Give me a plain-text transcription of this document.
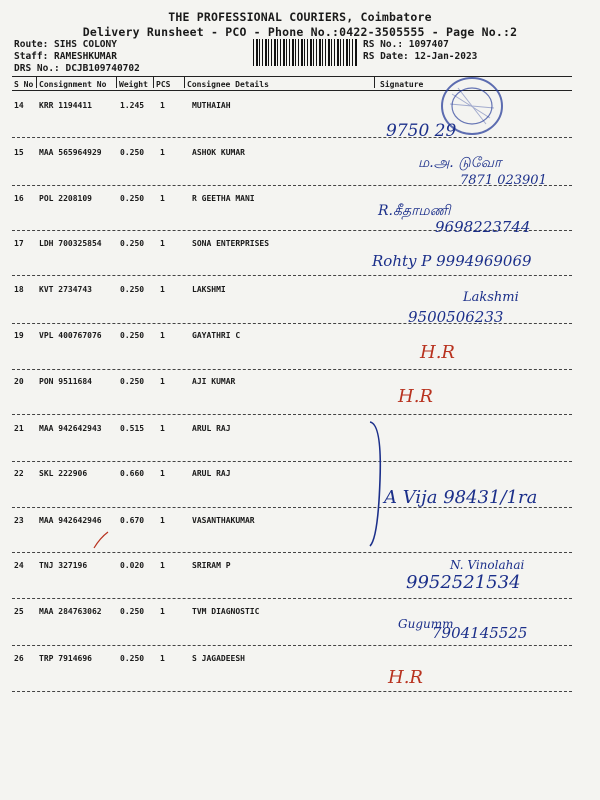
THE PROFESSIONAL COURIERS, Coimbatore
Delivery Runsheet - PCO - Phone No.:0422-3505555 - Page No.:2
Route: SIHS COLONY
Staff: RAMESHKUMAR
DRS No.: DCJB109740702
RS No.: 1097407
RS Date: 12-Jan-2023
S No Consignment No Weight PCS Consignee Details	Signature
14 KRR 1194411	1.245 1	MUTHAIAH
15 MAA 565964929 0.250 1	ASHOK KUMAR
16 POL 2208109	0.250 1	R GEETHA MANI
17 LDH 700325854 0.250 1	SONA ENTERPRISES
18 KVT 2734743	0.250 1	LAKSHMI
19 VPL 400767076 0.250 1	GAYATHRI C
20 PON 9511684	0.250 1	AJI KUMAR
21 MAA 942642943 0.515 1	ARUL RAJ
22 SKL 222906	0.660 1	ARUL RAJ
23 MAA 942642946 0.670 1	VASANTHAKUMAR
24 TNJ 327196	0.020 1	SRIRAM P
25 MAA 284763062 0.250 1	TVM DIAGNOSTIC
26 TRP 7914696	0.250 1	S JAGADEESH
9750 29
ம.அ. டுவோ
7871 023901
R.கீதாமணி
9698223744
Rohty P 9994969069
Lakshmi
9500506233
H.R
H.R
A Vija 98431/1ra
N. Vinolahai
9952521534
Gugumm
7904145525
H.R
